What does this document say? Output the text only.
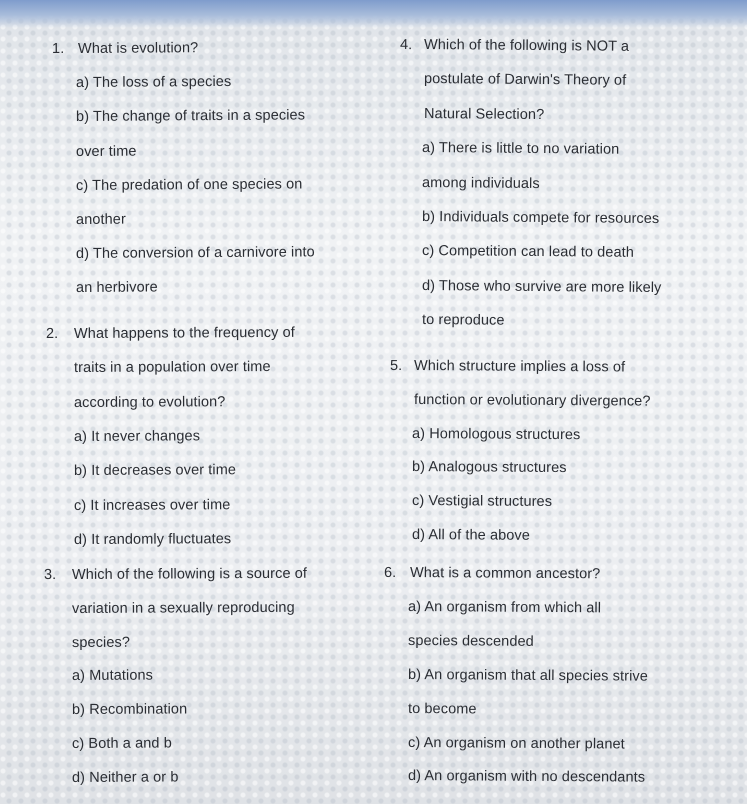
1. What is evolution?
a) The loss of a species
b) The change of traits in a species
over time
c) The predation of one species on
another
d) The conversion of a carnivore into
an herbivore
2. What happens to the frequency of
traits in a population over time
according to evolution?
a) It never changes
b) It decreases over time
c) It increases over time
d) It randomly fluctuates
3. Which of the following is a source of
variation in a sexually reproducing
species?
a) Mutations
b) Recombination
c) Both a and b
d) Neither a or b
4. Which of the following is NOT a
postulate of Darwin's Theory of
Natural Selection?
a) There is little to no variation
among individuals
b) Individuals compete for resources
c) Competition can lead to death
d) Those who survive are more likely
to reproduce
5. Which structure implies a loss of
function or evolutionary divergence?
a) Homologous structures
b) Analogous structures
c) Vestigial structures
d) All of the above
6. What is a common ancestor?
a) An organism from which all
species descended
b) An organism that all species strive
to become
c) An organism on another planet
d) An organism with no descendants
